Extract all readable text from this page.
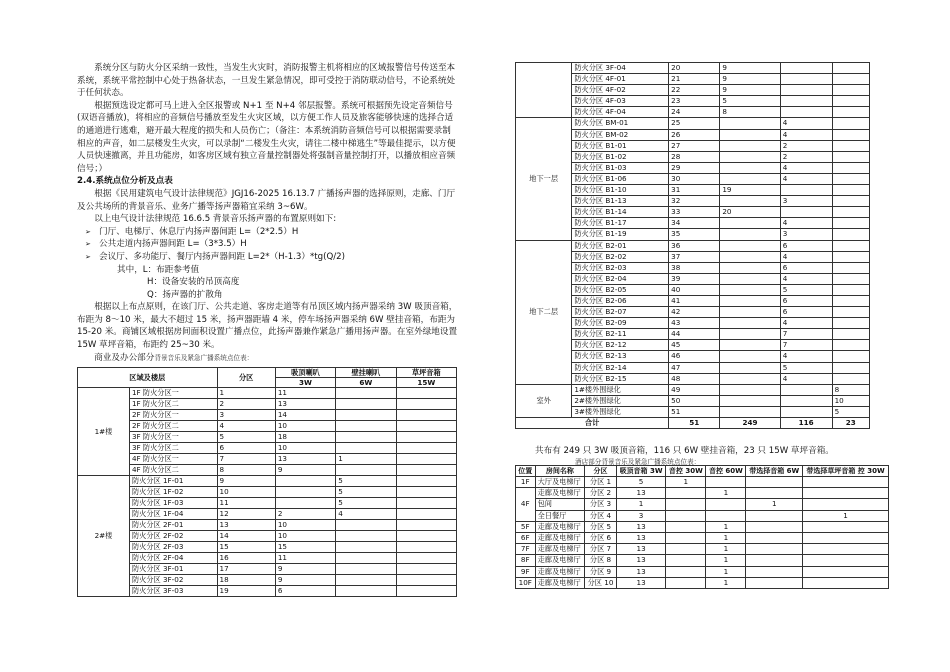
系统分区与防火分区采纳一致性，当发生火灾时，消防报警主机将相应的区域报警信号传送至本系统，系统平常控制中心处于热备状态，一旦发生紧急情况，即可受控于消防联动信号，不论系统处于任何状态。

根据预选设定都可马上进入全区报警或 N+1 至 N+4 邻层报警。系统可根据预先设定音频信号(双语音播放)，将相应的音频信号播放至发生火灾区域，以方便工作人员及旅客能够快速的选择合适的通道进行逃难，避开最大程度的损失和人员伤亡；（备注：本系统消防音频信号可以根据需要录制相应的声音，如二层楼发生火灾，可以录制“二楼发生火灾，请往二楼中梯逃生”等最佳提示，以方便人员快速撤离，并且功能房，如客房区域有独立音量控制器处将强制音量控制打开，以播放相应音频信号；）

2.4.系统点位分析及点表

根据《民用建筑电气设计法律规范》JGJ16-2025 16.13.7 广播扬声器的选择原则，走廊、门厅及公共场所的背景音乐、业务广播等扬声器箱宜采纳 3~6W。

以上电气设计法律规范 16.6.5 背景音乐扬声器的布置原则如下:

➢ 门厅、电梯厅、休息厅内扬声器间距 L=（2*2.5）H
➢ 公共走道内扬声器间距 L=（3*3.5）H
➢ 会议厅、多功能厅、餐厅内扬声器间距 L=2*（H-1.3）*tg(Q/2)

其中，L：布距参考值

H：设备安装的吊顶高度

Q：扬声器的扩散角

根据以上布点原则，在该门厅、公共走道、客房走道等有吊顶区域内扬声器采纳 3W 吸顶音箱，布距为 8～10 米，最大不超过 15 米，扬声器距墙 4 米，停车场扬声器采纳 6W 壁挂音箱，布距为 15-20 米。商铺区域根据房间面积设置广播点位，此扬声器兼作紧急广播用扬声器。在室外绿地设置 15W 草坪音箱，布距约 25~30 米。

商业及办公部分背景音乐及紧急广播系统点位表：

区域及楼层		分区	吸顶喇叭	壁挂喇叭	草坪音箱
			3W	6W	15W
1#楼	1F 防火分区一	1	11		
	1F 防火分区二	2	13		
	2F 防火分区一	3	14		
	2F 防火分区二	4	10		
	3F 防火分区一	5	18		
	3F 防火分区二	6	10		
	4F 防火分区一	7	13	1	
	4F 防火分区二	8	9		
2#楼	防火分区 1F-01	9		5	
	防火分区 1F-02	10		5	
	防火分区 1F-03	11		5	
	防火分区 1F-04	12	2	4	
	防火分区 2F-01	13	10		
	防火分区 2F-02	14	10		
	防火分区 2F-03	15	15		
	防火分区 2F-04	16	11		
	防火分区 3F-01	17	9		
	防火分区 3F-02	18	9		
	防火分区 3F-03	19	6		
	防火分区 3F-04	20	9		
	防火分区 4F-01	21	9		
	防火分区 4F-02	22	9		
	防火分区 4F-03	23	5		
	防火分区 4F-04	24	8		
地下一层	防火分区 BM-01	25		4	
	防火分区 BM-02	26		4	
	防火分区 B1-01	27		2	
	防火分区 B1-02	28		2	
	防火分区 B1-03	29		4	
	防火分区 B1-06	30		4	
	防火分区 B1-10	31	19		
	防火分区 B1-13	32		3	
	防火分区 B1-14	33	20		
	防火分区 B1-17	34		4	
	防火分区 B1-19	35		3	
地下二层	防火分区 B2-01	36		6	
	防火分区 B2-02	37		4	
	防火分区 B2-03	38		6	
	防火分区 B2-04	39		4	
	防火分区 B2-05	40		5	
	防火分区 B2-06	41		6	
	防火分区 B2-07	42		6	
	防火分区 B2-09	43		4	
	防火分区 B2-11	44		7	
	防火分区 B2-12	45		7	
	防火分区 B2-13	46		4	
	防火分区 B2-14	47		5	
	防火分区 B2-15	48		4	
室外	1#楼外围绿化	49			8
	2#楼外围绿化	50			10
	3#楼外围绿化	51			5
合计		51	249	116	23
共布有 249 只 3W 吸顶音箱，116 只 6W 壁挂音箱，23 只 15W 草坪音箱。
酒店部分背景音乐及紧急广播系统点位表：
位置	房间名称	分区	吸顶音箱 3W	音控 30W	音控 60W	带选择音箱 6W	带选择草坪音箱 控 30W
1F	大厅及电梯厅	分区 1	5	1			
4F	走廊及电梯厅	分区 2	13		1		
	包间	分区 3	1			1	
	全日餐厅	分区 4	3				1
5F	走廊及电梯厅	分区 5	13		1		
6F	走廊及电梯厅	分区 6	13		1		
7F	走廊及电梯厅	分区 7	13		1		
8F	走廊及电梯厅	分区 8	13		1		
9F	走廊及电梯厅	分区 9	13		1		
10F	走廊及电梯厅	分区 10	13		1		
